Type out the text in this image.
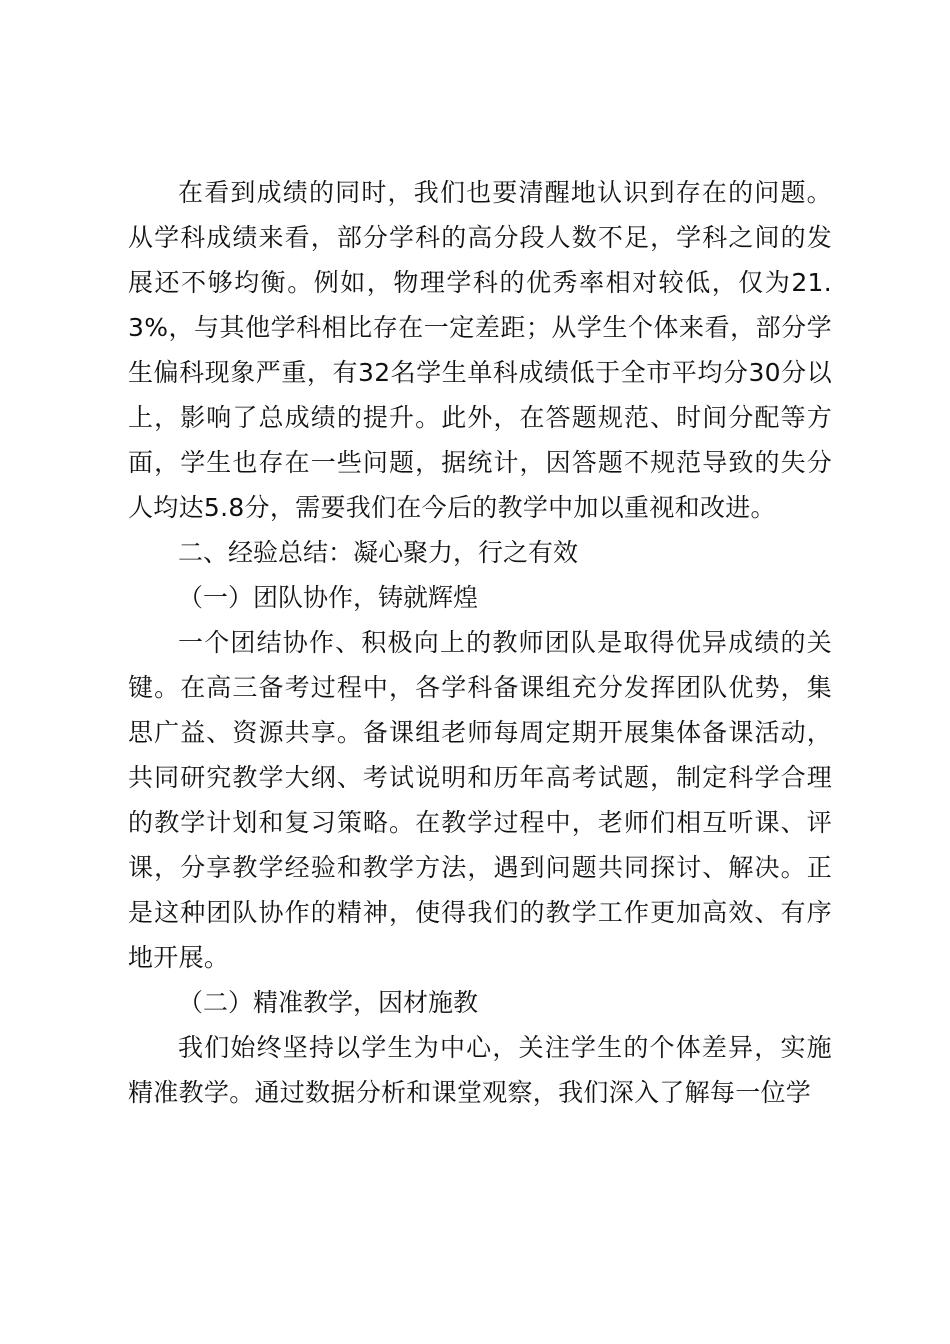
在看到成绩的同时，我们也要清醒地认识到存在的问题。从学科成绩来看，部分学科的高分段人数不足，学科之间的发展还不够均衡。例如，物理学科的优秀率相对较低，仅为21.3%，与其他学科相比存在一定差距；从学生个体来看，部分学生偏科现象严重，有32名学生单科成绩低于全市平均分30分以上，影响了总成绩的提升。此外，在答题规范、时间分配等方面，学生也存在一些问题，据统计，因答题不规范导致的失分人均达5.8分，需要我们在今后的教学中加以重视和改进。

二、经验总结：凝心聚力，行之有效

（一）团队协作，铸就辉煌

一个团结协作、积极向上的教师团队是取得优异成绩的关键。在高三备考过程中，各学科备课组充分发挥团队优势，集思广益、资源共享。备课组老师每周定期开展集体备课活动，共同研究教学大纲、考试说明和历年高考试题，制定科学合理的教学计划和复习策略。在教学过程中，老师们相互听课、评课，分享教学经验和教学方法，遇到问题共同探讨、解决。正是这种团队协作的精神，使得我们的教学工作更加高效、有序地开展。

（二）精准教学，因材施教

我们始终坚持以学生为中心，关注学生的个体差异，实施精准教学。通过数据分析和课堂观察，我们深入了解每一位学
